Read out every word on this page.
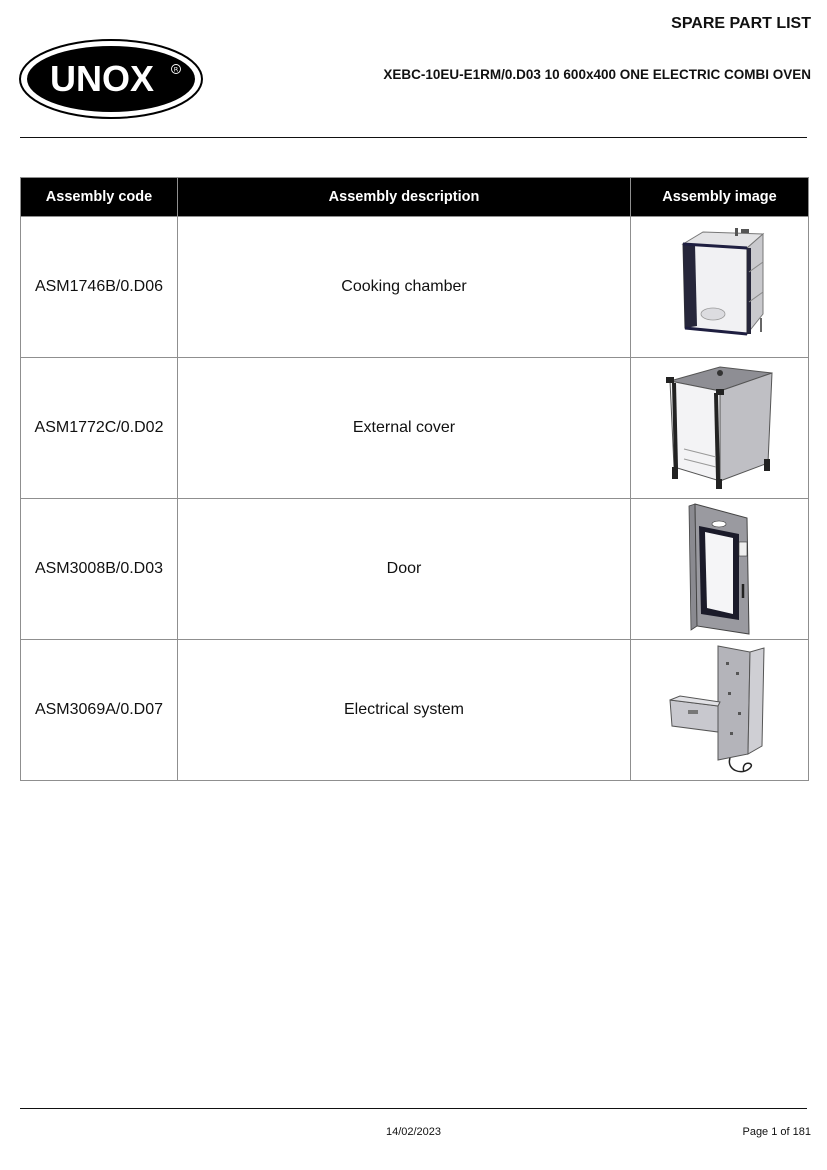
SPARE PART LIST
UNOX	R	XEBC-10EU-E1RM/0.D03 10 600x400 ONE ELECTRIC COMBI OVEN
Assembly code	Assembly description	Assembly image
ASM1746B/0.D06	Cooking chamber	

ASM1772C/0.D02	External cover	

ASM3008B/0.D03	Door	

ASM3069A/0.D07	Electrical system	
14/02/2023	Page 1 of 181
